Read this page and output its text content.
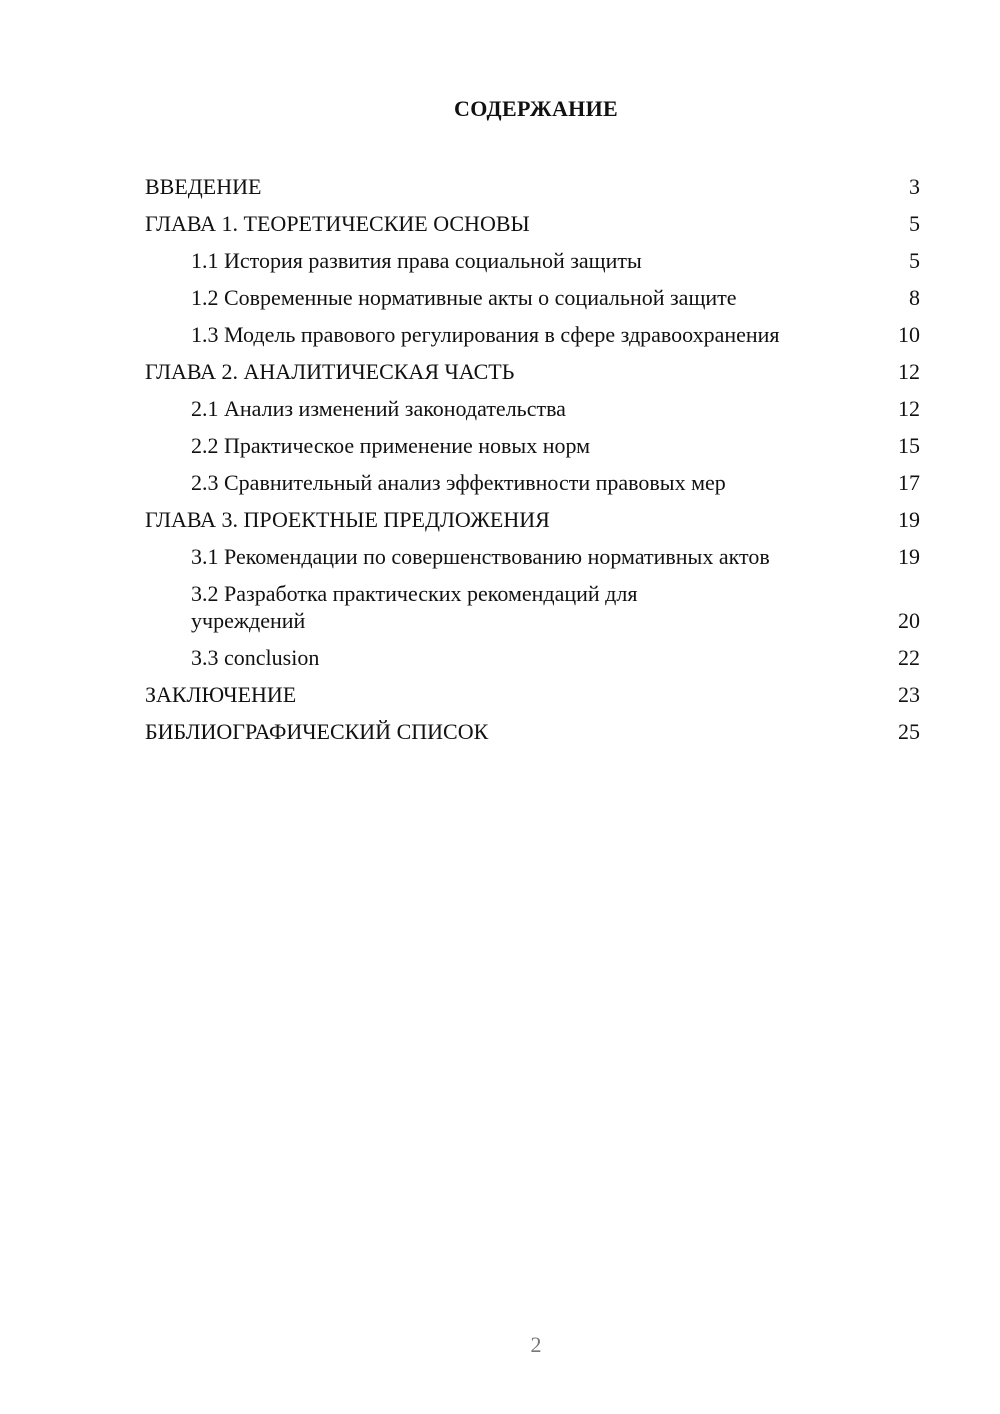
СОДЕРЖАНИЕ
ВВЕДЕНИЕ	3
ГЛАВА 1. ТЕОРЕТИЧЕСКИЕ ОСНОВЫ	5
1.1 История развития права социальной защиты	5
1.2 Современные нормативные акты о социальной защите	8
1.3 Модель правового регулирования в сфере здравоохранения	10
ГЛАВА 2. АНАЛИТИЧЕСКАЯ ЧАСТЬ	12
2.1 Анализ изменений законодательства	12
2.2 Практическое применение новых норм	15
2.3 Сравнительный анализ эффективности правовых мер	17
ГЛАВА 3. ПРОЕКТНЫЕ ПРЕДЛОЖЕНИЯ	19
3.1 Рекомендации по совершенствованию нормативных актов	19
3.2 Разработка практических рекомендаций для учреждений	20
3.3 conclusion	22
ЗАКЛЮЧЕНИЕ	23
БИБЛИОГРАФИЧЕСКИЙ СПИСОК	25
2
